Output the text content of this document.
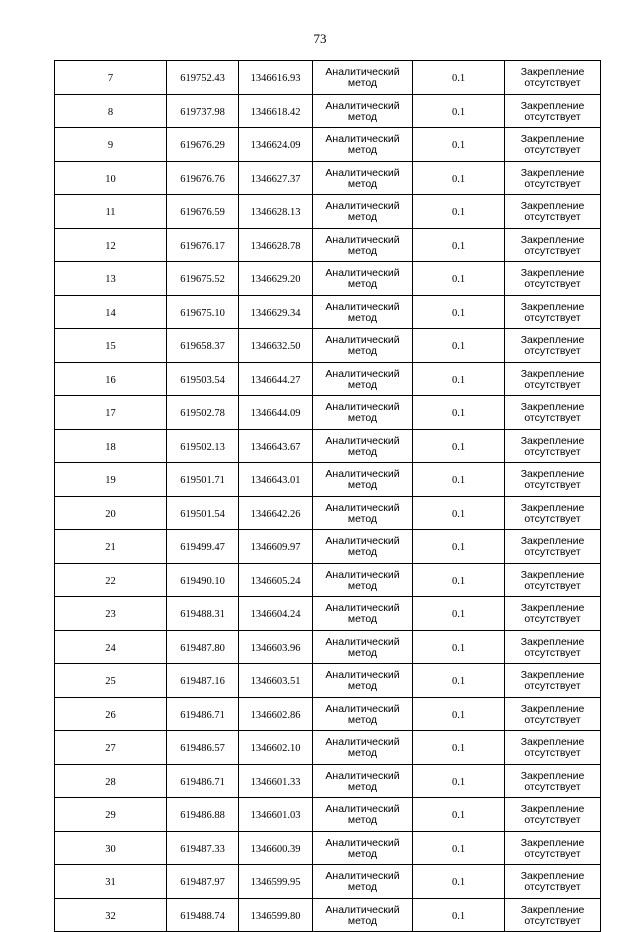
73
7	619752.43	1346616.93	Аналитический метод	0.1	Закрепление отсутствует
8	619737.98	1346618.42	Аналитический метод	0.1	Закрепление отсутствует
9	619676.29	1346624.09	Аналитический метод	0.1	Закрепление отсутствует
10	619676.76	1346627.37	Аналитический метод	0.1	Закрепление отсутствует
11	619676.59	1346628.13	Аналитический метод	0.1	Закрепление отсутствует
12	619676.17	1346628.78	Аналитический метод	0.1	Закрепление отсутствует
13	619675.52	1346629.20	Аналитический метод	0.1	Закрепление отсутствует
14	619675.10	1346629.34	Аналитический метод	0.1	Закрепление отсутствует
15	619658.37	1346632.50	Аналитический метод	0.1	Закрепление отсутствует
16	619503.54	1346644.27	Аналитический метод	0.1	Закрепление отсутствует
17	619502.78	1346644.09	Аналитический метод	0.1	Закрепление отсутствует
18	619502.13	1346643.67	Аналитический метод	0.1	Закрепление отсутствует
19	619501.71	1346643.01	Аналитический метод	0.1	Закрепление отсутствует
20	619501.54	1346642.26	Аналитический метод	0.1	Закрепление отсутствует
21	619499.47	1346609.97	Аналитический метод	0.1	Закрепление отсутствует
22	619490.10	1346605.24	Аналитический метод	0.1	Закрепление отсутствует
23	619488.31	1346604.24	Аналитический метод	0.1	Закрепление отсутствует
24	619487.80	1346603.96	Аналитический метод	0.1	Закрепление отсутствует
25	619487.16	1346603.51	Аналитический метод	0.1	Закрепление отсутствует
26	619486.71	1346602.86	Аналитический метод	0.1	Закрепление отсутствует
27	619486.57	1346602.10	Аналитический метод	0.1	Закрепление отсутствует
28	619486.71	1346601.33	Аналитический метод	0.1	Закрепление отсутствует
29	619486.88	1346601.03	Аналитический метод	0.1	Закрепление отсутствует
30	619487.33	1346600.39	Аналитический метод	0.1	Закрепление отсутствует
31	619487.97	1346599.95	Аналитический метод	0.1	Закрепление отсутствует
32	619488.74	1346599.80	Аналитический метод	0.1	Закрепление отсутствует
